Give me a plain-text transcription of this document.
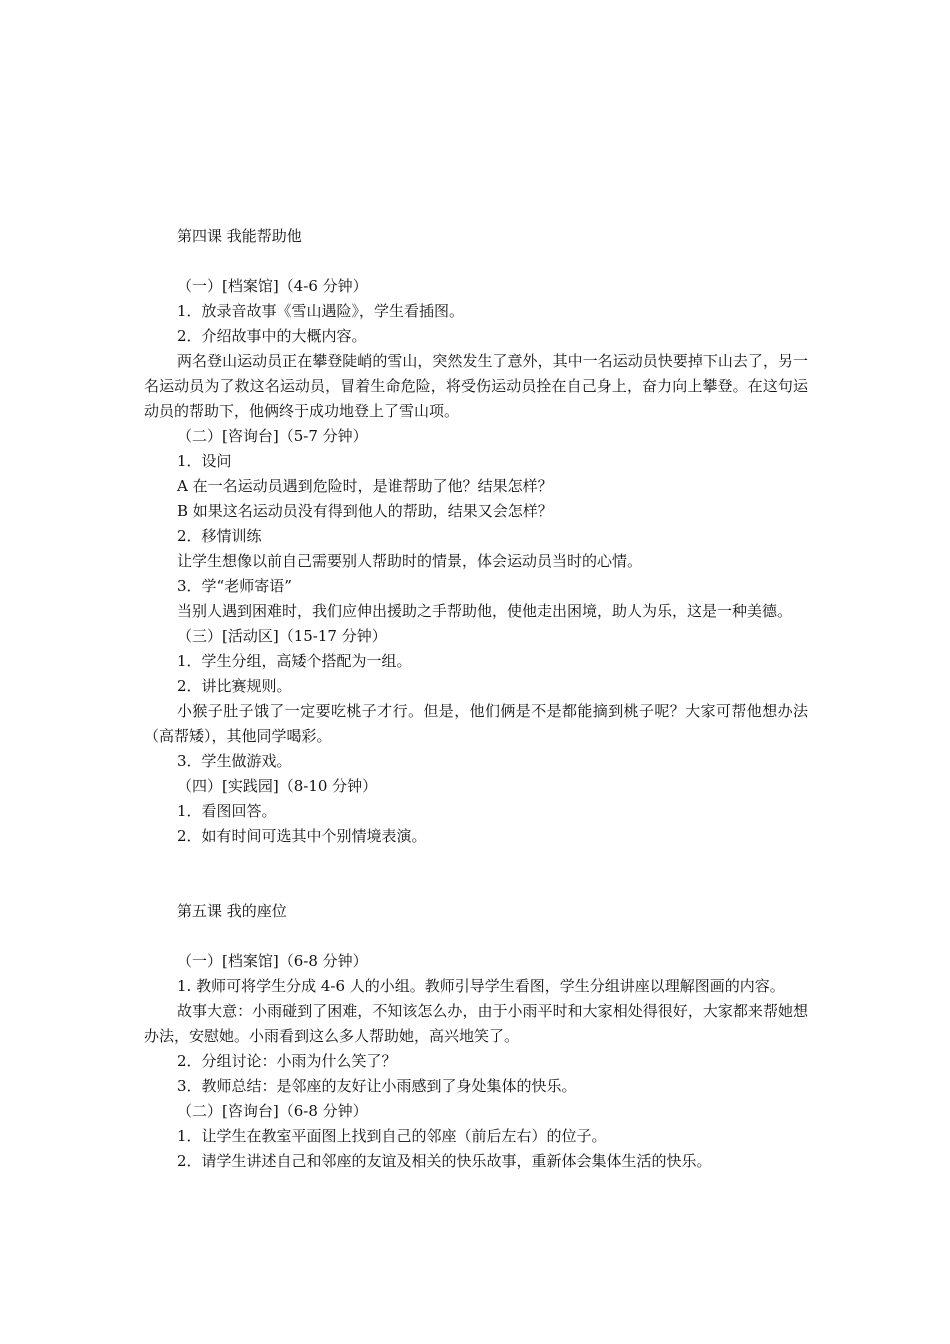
第四课 我能帮助他
（一）[档案馆]（4-6 分钟）
1．放录音故事《雪山遇险》，学生看插图。
2．介绍故事中的大概内容。
两名登山运动员正在攀登陡峭的雪山，突然发生了意外，其中一名运动员快要掉下山去了，另一名运动员为了救这名运动员，冒着生命危险，将受伤运动员拴在自己身上，奋力向上攀登。在这句运动员的帮助下，他俩终于成功地登上了雪山项。
（二）[咨询台]（5-7 分钟）
1．设问
A 在一名运动员遇到危险时，是谁帮助了他？结果怎样？
B 如果这名运动员没有得到他人的帮助，结果又会怎样？
2．移情训练
让学生想像以前自己需要别人帮助时的情景，体会运动员当时的心情。
3．学“老师寄语”
当别人遇到困难时，我们应伸出援助之手帮助他，使他走出困境，助人为乐，这是一种美德。
（三）[活动区]（15-17 分钟）
1．学生分组，高矮个搭配为一组。
2．讲比赛规则。
小猴子肚子饿了一定要吃桃子才行。但是，他们俩是不是都能摘到桃子呢？大家可帮他想办法（高帮矮），其他同学喝彩。
3．学生做游戏。
（四）[实践园]（8-10 分钟）
1．看图回答。
2．如有时间可选其中个别情境表演。
第五课 我的座位
（一）[档案馆]（6-8 分钟）
1. 教师可将学生分成 4-6 人的小组。教师引导学生看图，学生分组讲座以理解图画的内容。
故事大意：小雨碰到了困难，不知该怎么办，由于小雨平时和大家相处得很好，大家都来帮她想办法，安慰她。小雨看到这么多人帮助她，高兴地笑了。
2．分组讨论：小雨为什么笑了？
3．教师总结：是邻座的友好让小雨感到了身处集体的快乐。
（二）[咨询台]（6-8 分钟）
1．让学生在教室平面图上找到自己的邻座（前后左右）的位子。
2．请学生讲述自己和邻座的友谊及相关的快乐故事，重新体会集体生活的快乐。
